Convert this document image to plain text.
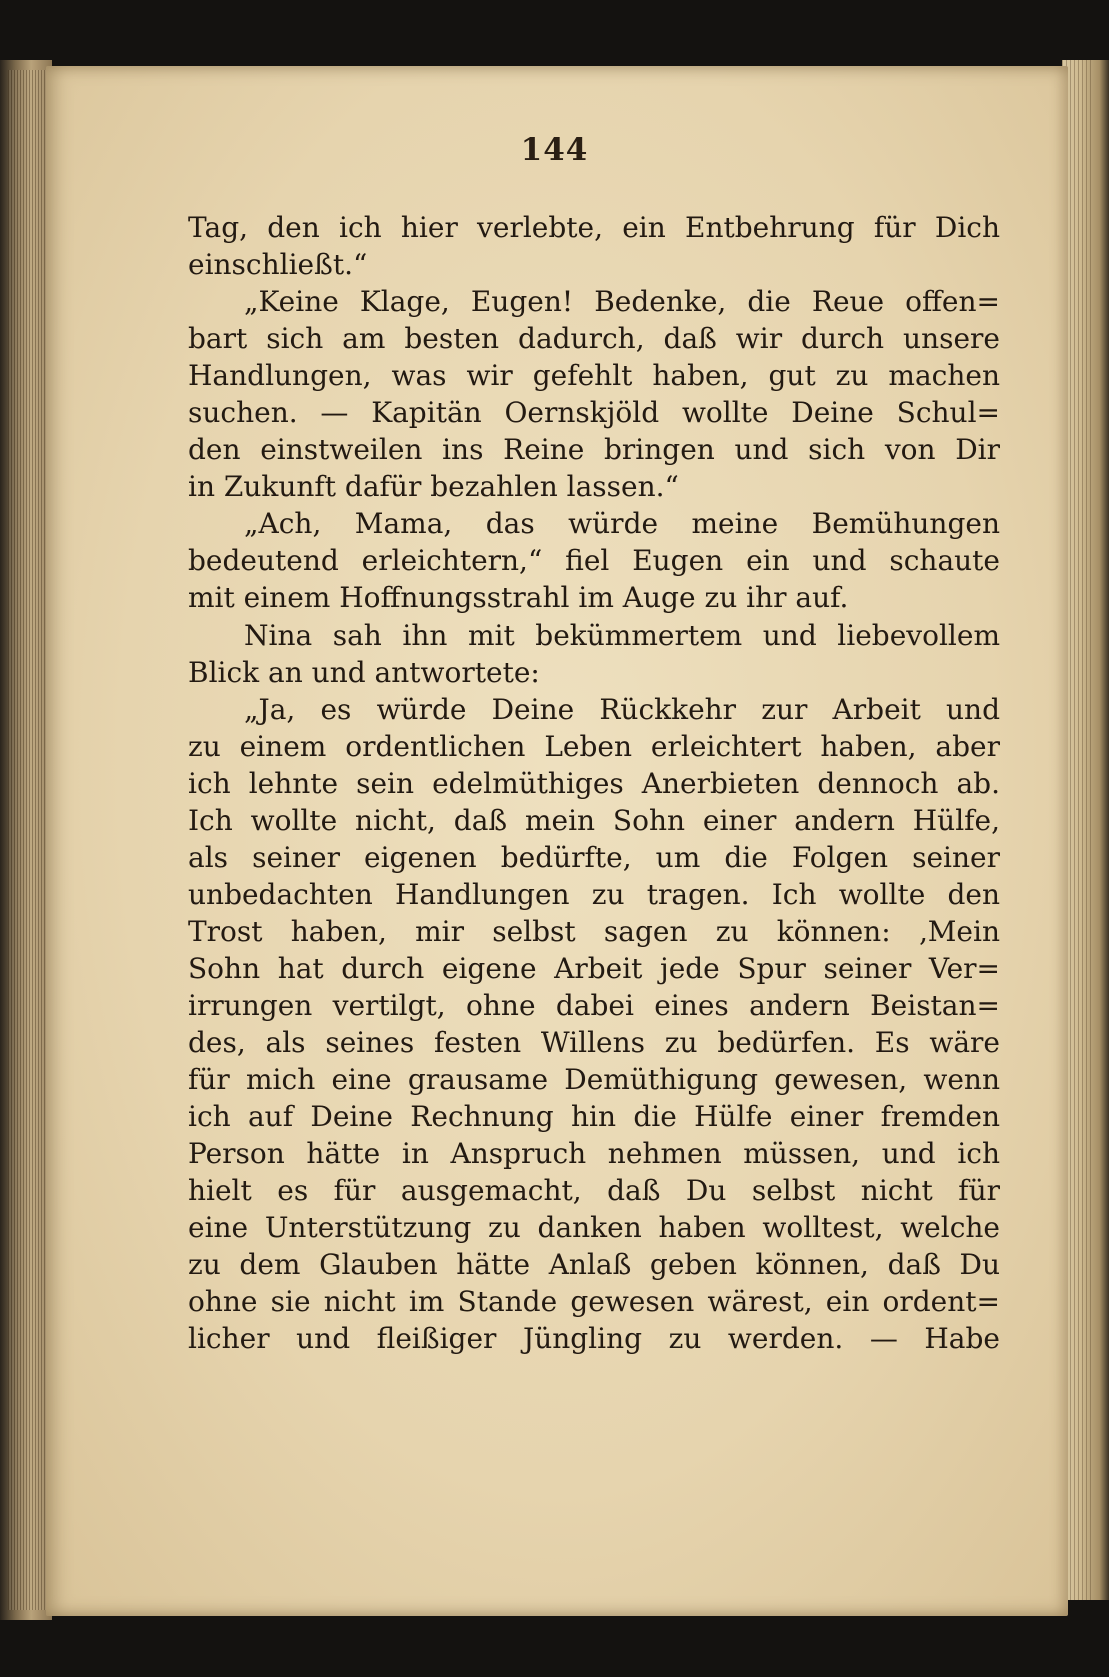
144
Tag, den ich hier verlebte, ein Entbehrung für Dich
einschließt.“
„Keine Klage, Eugen! Bedenke, die Reue offen=
bart sich am besten dadurch, daß wir durch unsere
Handlungen, was wir gefehlt haben, gut zu machen
suchen. — Kapitän Oernskjöld wollte Deine Schul=
den einstweilen ins Reine bringen und sich von Dir
in Zukunft dafür bezahlen lassen.“
„Ach, Mama, das würde meine Bemühungen
bedeutend erleichtern,“ fiel Eugen ein und schaute
mit einem Hoffnungsstrahl im Auge zu ihr auf.
Nina sah ihn mit bekümmertem und liebevollem
Blick an und antwortete:
„Ja, es würde Deine Rückkehr zur Arbeit und
zu einem ordentlichen Leben erleichtert haben, aber
ich lehnte sein edelmüthiges Anerbieten dennoch ab.
Ich wollte nicht, daß mein Sohn einer andern Hülfe,
als seiner eigenen bedürfte, um die Folgen seiner
unbedachten Handlungen zu tragen. Ich wollte den
Trost haben, mir selbst sagen zu können: ‚Mein
Sohn hat durch eigene Arbeit jede Spur seiner Ver=
irrungen vertilgt, ohne dabei eines andern Beistan=
des, als seines festen Willens zu bedürfen. Es wäre
für mich eine grausame Demüthigung gewesen, wenn
ich auf Deine Rechnung hin die Hülfe einer fremden
Person hätte in Anspruch nehmen müssen, und ich
hielt es für ausgemacht, daß Du selbst nicht für
eine Unterstützung zu danken haben wolltest, welche
zu dem Glauben hätte Anlaß geben können, daß Du
ohne sie nicht im Stande gewesen wärest, ein ordent=
licher und fleißiger Jüngling zu werden. — Habe
